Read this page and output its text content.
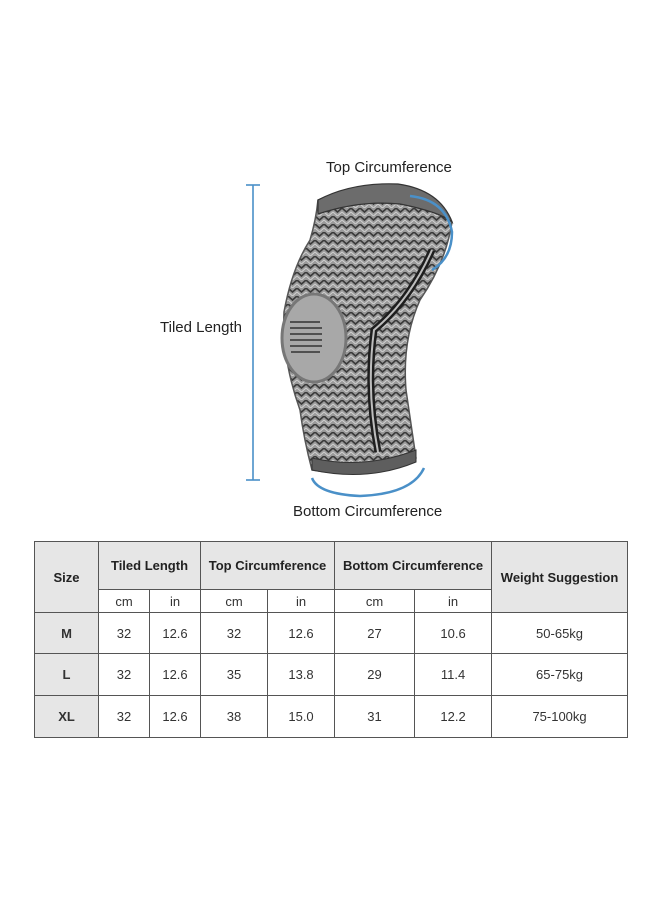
Top Circumference
Tiled Length
Bottom Circumference
Size	Tiled Length		Top Circumference		Bottom Circumference		Weight Suggestion
	cm	in	cm	in	cm	in	
M	32	12.6	32	12.6	27	10.6	50-65kg
L	32	12.6	35	13.8	29	11.4	65-75kg
XL	32	12.6	38	15.0	31	12.2	75-100kg
